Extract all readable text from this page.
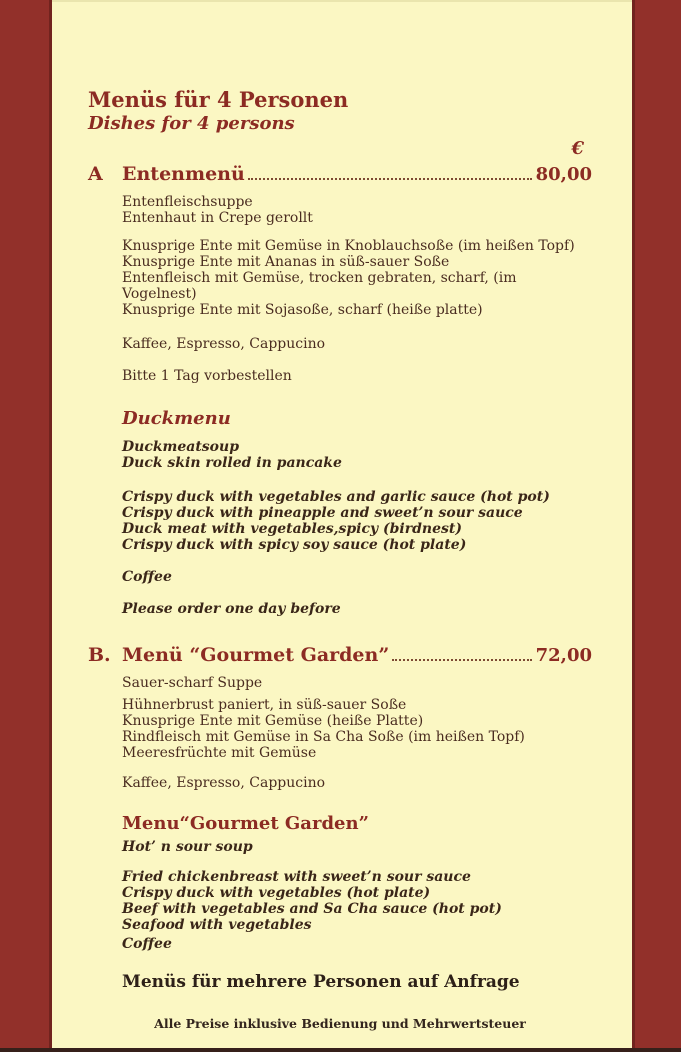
Menüs für 4 Personen
Dishes for 4 persons
€
A	Entenmenü	80,00

Entenfleischsuppe

Entenhaut in Crepe gerollt

Knusprige Ente mit Gemüse in Knoblauchsoße (im heißen Topf)

Knusprige Ente mit Ananas in süß-sauer Soße

Entenfleisch mit Gemüse, trocken gebraten, scharf, (im Vogelnest)

Knusprige Ente mit Sojasoße, scharf (heiße platte)

Kaffee, Espresso, Cappucino

Bitte 1 Tag vorbestellen

Duckmenu

Duckmeatsoup

Duck skin rolled in pancake

Crispy duck with vegetables and garlic sauce (hot pot)

Crispy duck with pineapple and sweet’n sour sauce

Duck meat with vegetables,spicy (birdnest)

Crispy duck with spicy soy sauce (hot plate)

Coffee

Please order one day before

B. Menü “Gourmet Garden”	72,00

Sauer-scharf Suppe

Hühnerbrust paniert, in süß-sauer Soße

Knusprige Ente mit Gemüse (heiße Platte)

Rindfleisch mit Gemüse in Sa Cha Soße (im heißen Topf)

Meeresfrüchte mit Gemüse

Kaffee, Espresso, Cappucino

Menu“Gourmet Garden”

Hot’ n sour soup

Fried chickenbreast with sweet’n sour sauce

Crispy duck with vegetables (hot plate)

Beef with vegetables and Sa Cha sauce (hot pot)

Seafood with vegetables

Coffee

Menüs für mehrere Personen auf Anfrage

Alle Preise inklusive Bedienung und Mehrwertsteuer
